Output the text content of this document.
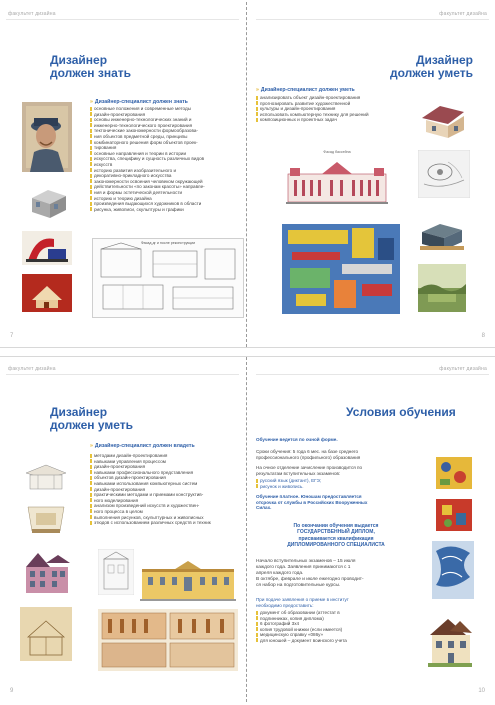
факультет дизайна
Дизайнер
должен знать
» Дизайнер-специалист должен знать
основные положения и современные методы
дизайн-проектирования
основы инженерно-технологических знаний и
инженерно-технологического проектирования
тектонические закономерности формообразова-
ния объектов предметной среды, принципы
комбинаторного решения форм объектов проек-
тирования
основные направления и теории в истории
искусства, специфику и сущность различных видов
искусств
историю развития изобразительного и
декоративно-прикладного искусства
закономерности освоения человеком окружающей
действительности «по законам красоты» направле-
ния и формы эстетической деятельности
историю и теорию дизайна
произведения выдающихся художников в области
рисунка, живописи, скульптуры и графики
Фасад дг и после реконструкции
7
факультет дизайна
Дизайнер
должен уметь
» Дизайнер-специалист должен уметь
анализировать объект дизайн-проектирования
прогнозировать развитие художественной
культуры и дизайн-проектирования
использовать компьютерную технику для решений
композиционных и проектных задач
Фасад бассейна
8
факультет дизайна
Дизайнер
должен уметь
» Дизайнер-специалист должен владеть
методами дизайн-проектирования
навыками управления процессом
дизайн-проектирования
навыками профессионального представления
объектов дизайн-проектирования
навыками использования компьютерных систем
дизайн-проектирования
практическими методами и приемами конструктив-
ного моделирования
анализом произведений искусств и художествен-
ного процесса в целом
выполнения рисунков, скульптурных и живописных
этюдов с использованием различных средств и техник
9
факультет дизайна
Условия обучения
Обучение ведется по очной форме.
Сроки обучения: 5 года 6 мес. на базе среднего
профессионального (профильного) образования
На очное отделение зачисление производится по
результатам вступительных экзаменов:
русский язык (диктант), ЕГЭ;
рисунок и живопись.
Обучение платное. Юношам предоставляется
отсрочка от службы в Российских Вооруженных
Силах.
По окончании обучения выдается
ГОСУДАРСТВЕННЫЙ ДИПЛОМ,
присваивается квалификация
ДИПЛОМИРОВАННОГО СПЕЦИАЛИСТА
Начало вступительных экзаменов – 15 июля
каждого года. Заявления принимаются с 1
апреля каждого года.
В октябре, феврале и июле ежегодно проводит-
ся набор на подготовительные курсы.
При подаче заявления о приеме в институт
необходимо предоставить:
документ об образовании (аттестат в
подлинниках, копия диплома)
6 фотографий 3х4
копия трудовой книжки (если имеется)
медицинскую справку «086у»
для юношей – документ воинского учета
10
